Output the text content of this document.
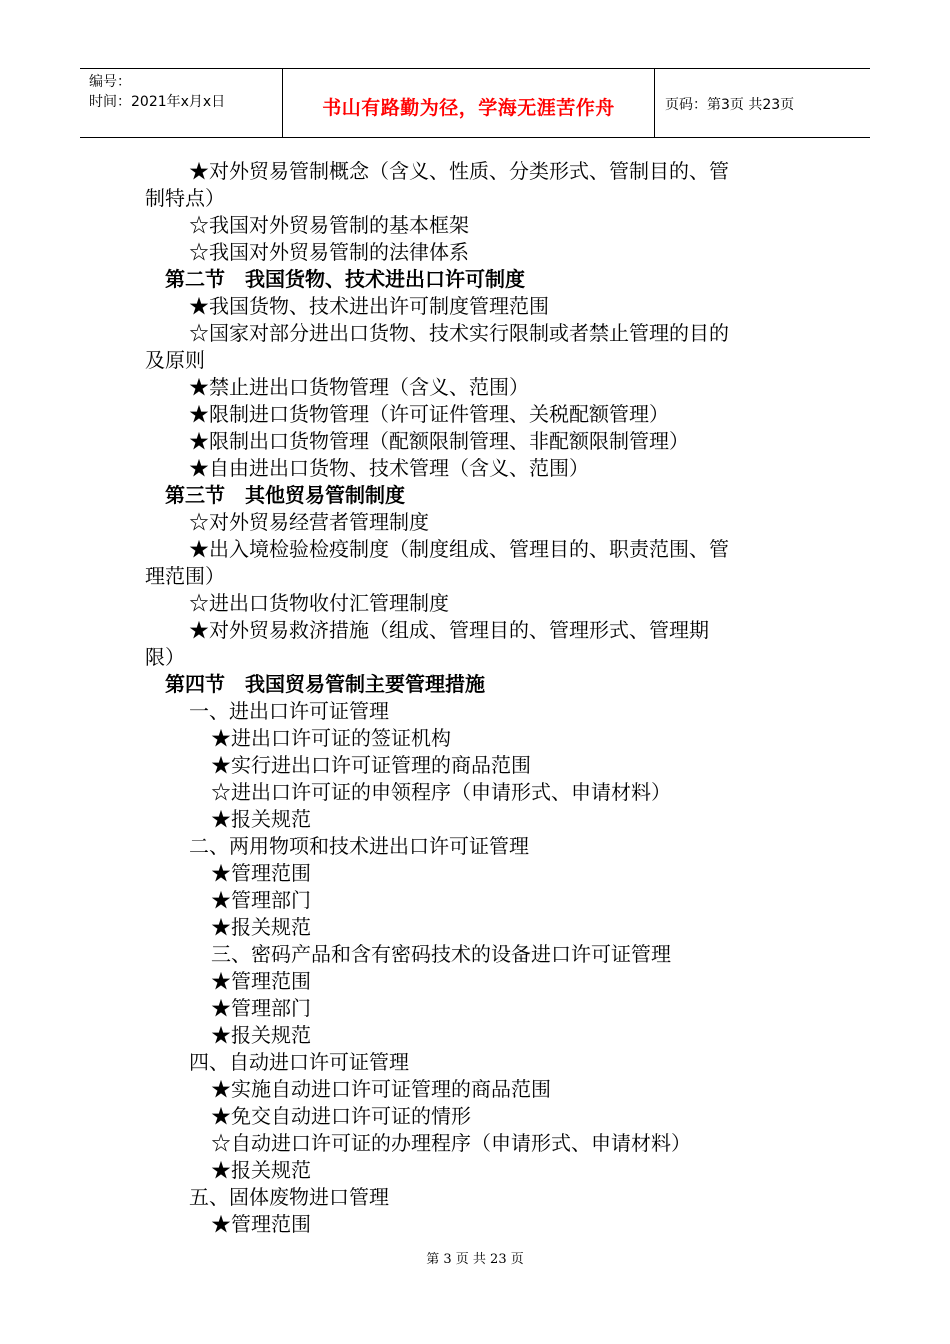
编号：
时间：2021年x月x日	书山有路勤为径，学海无涯苦作舟	页码：第3页 共23页
★对外贸易管制概念（含义、性质、分类形式、管制目的、管
制特点）
☆我国对外贸易管制的基本框架
☆我国对外贸易管制的法律体系
第二节　我国货物、技术进出口许可制度
★我国货物、技术进出许可制度管理范围
☆国家对部分进出口货物、技术实行限制或者禁止管理的目的
及原则
★禁止进出口货物管理（含义、范围）
★限制进口货物管理（许可证件管理、关税配额管理）
★限制出口货物管理（配额限制管理、非配额限制管理）
★自由进出口货物、技术管理（含义、范围）
第三节　其他贸易管制制度
☆对外贸易经营者管理制度
★出入境检验检疫制度（制度组成、管理目的、职责范围、管
理范围）
☆进出口货物收付汇管理制度
★对外贸易救济措施（组成、管理目的、管理形式、管理期
限）
第四节　我国贸易管制主要管理措施
一、进出口许可证管理
★进出口许可证的签证机构
★实行进出口许可证管理的商品范围
☆进出口许可证的申领程序（申请形式、申请材料）
★报关规范
二、两用物项和技术进出口许可证管理
★管理范围
★管理部门
★报关规范
三、密码产品和含有密码技术的设备进口许可证管理
★管理范围
★管理部门
★报关规范
四、自动进口许可证管理
★实施自动进口许可证管理的商品范围
★免交自动进口许可证的情形
☆自动进口许可证的办理程序（申请形式、申请材料）
★报关规范
五、固体废物进口管理
★管理范围
第 3 页 共 23 页
